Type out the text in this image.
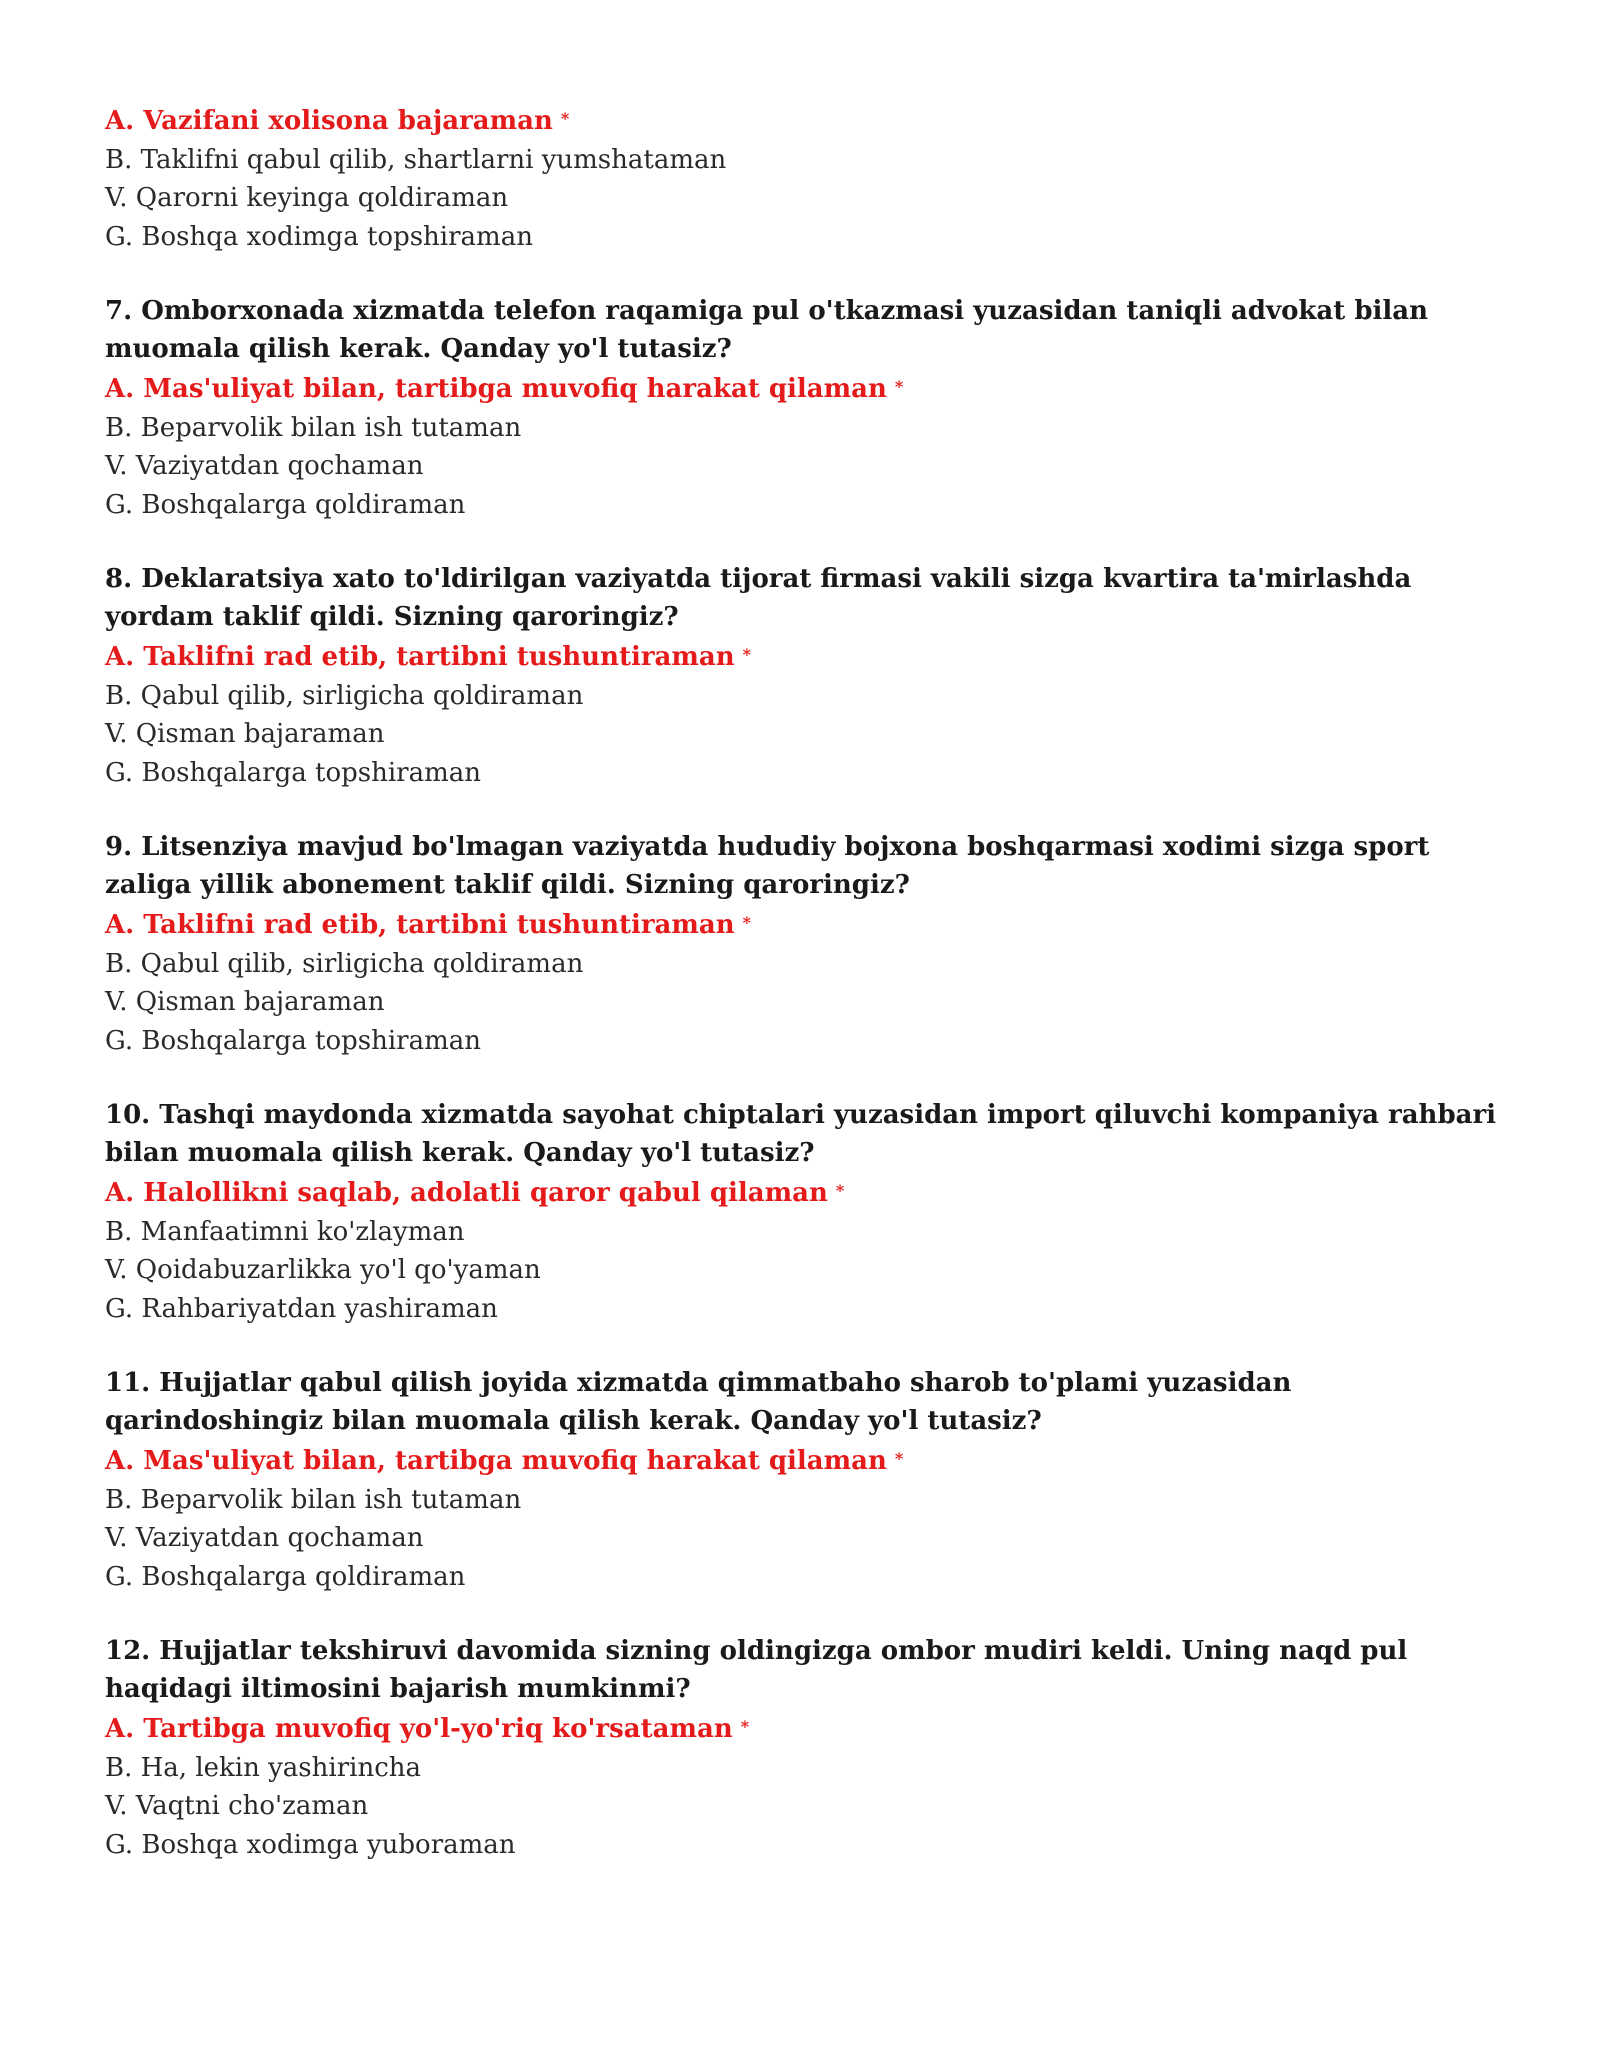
A. Vazifani xolisona bajaraman *

B. Taklifni qabul qilib, shartlarni yumshataman

V. Qarorni keyinga qoldiraman

G. Boshqa xodimga topshiraman

7. Omborxonada xizmatda telefon raqamiga pul o'tkazmasi yuzasidan taniqli advokat bilan muomala qilish kerak. Qanday yo'l tutasiz?

A. Mas'uliyat bilan, tartibga muvofiq harakat qilaman *

B. Beparvolik bilan ish tutaman

V. Vaziyatdan qochaman

G. Boshqalarga qoldiraman

8. Deklaratsiya xato to'ldirilgan vaziyatda tijorat firmasi vakili sizga kvartira ta'mirlashda yordam taklif qildi. Sizning qaroringiz?

A. Taklifni rad etib, tartibni tushuntiraman *

B. Qabul qilib, sirligicha qoldiraman

V. Qisman bajaraman

G. Boshqalarga topshiraman

9. Litsenziya mavjud bo'lmagan vaziyatda hududiy bojxona boshqarmasi xodimi sizga sport zaliga yillik abonement taklif qildi. Sizning qaroringiz?

A. Taklifni rad etib, tartibni tushuntiraman *

B. Qabul qilib, sirligicha qoldiraman

V. Qisman bajaraman

G. Boshqalarga topshiraman

10. Tashqi maydonda xizmatda sayohat chiptalari yuzasidan import qiluvchi kompaniya rahbari bilan muomala qilish kerak. Qanday yo'l tutasiz?

A. Halollikni saqlab, adolatli qaror qabul qilaman *

B. Manfaatimni ko'zlayman

V. Qoidabuzarlikka yo'l qo'yaman

G. Rahbariyatdan yashiraman

11. Hujjatlar qabul qilish joyida xizmatda qimmatbaho sharob to'plami yuzasidan qarindoshingiz bilan muomala qilish kerak. Qanday yo'l tutasiz?

A. Mas'uliyat bilan, tartibga muvofiq harakat qilaman *

B. Beparvolik bilan ish tutaman

V. Vaziyatdan qochaman

G. Boshqalarga qoldiraman

12. Hujjatlar tekshiruvi davomida sizning oldingizga ombor mudiri keldi. Uning naqd pul haqidagi iltimosini bajarish mumkinmi?

A. Tartibga muvofiq yo'l-yo'riq ko'rsataman *

B. Ha, lekin yashirincha

V. Vaqtni cho'zaman

G. Boshqa xodimga yuboraman
